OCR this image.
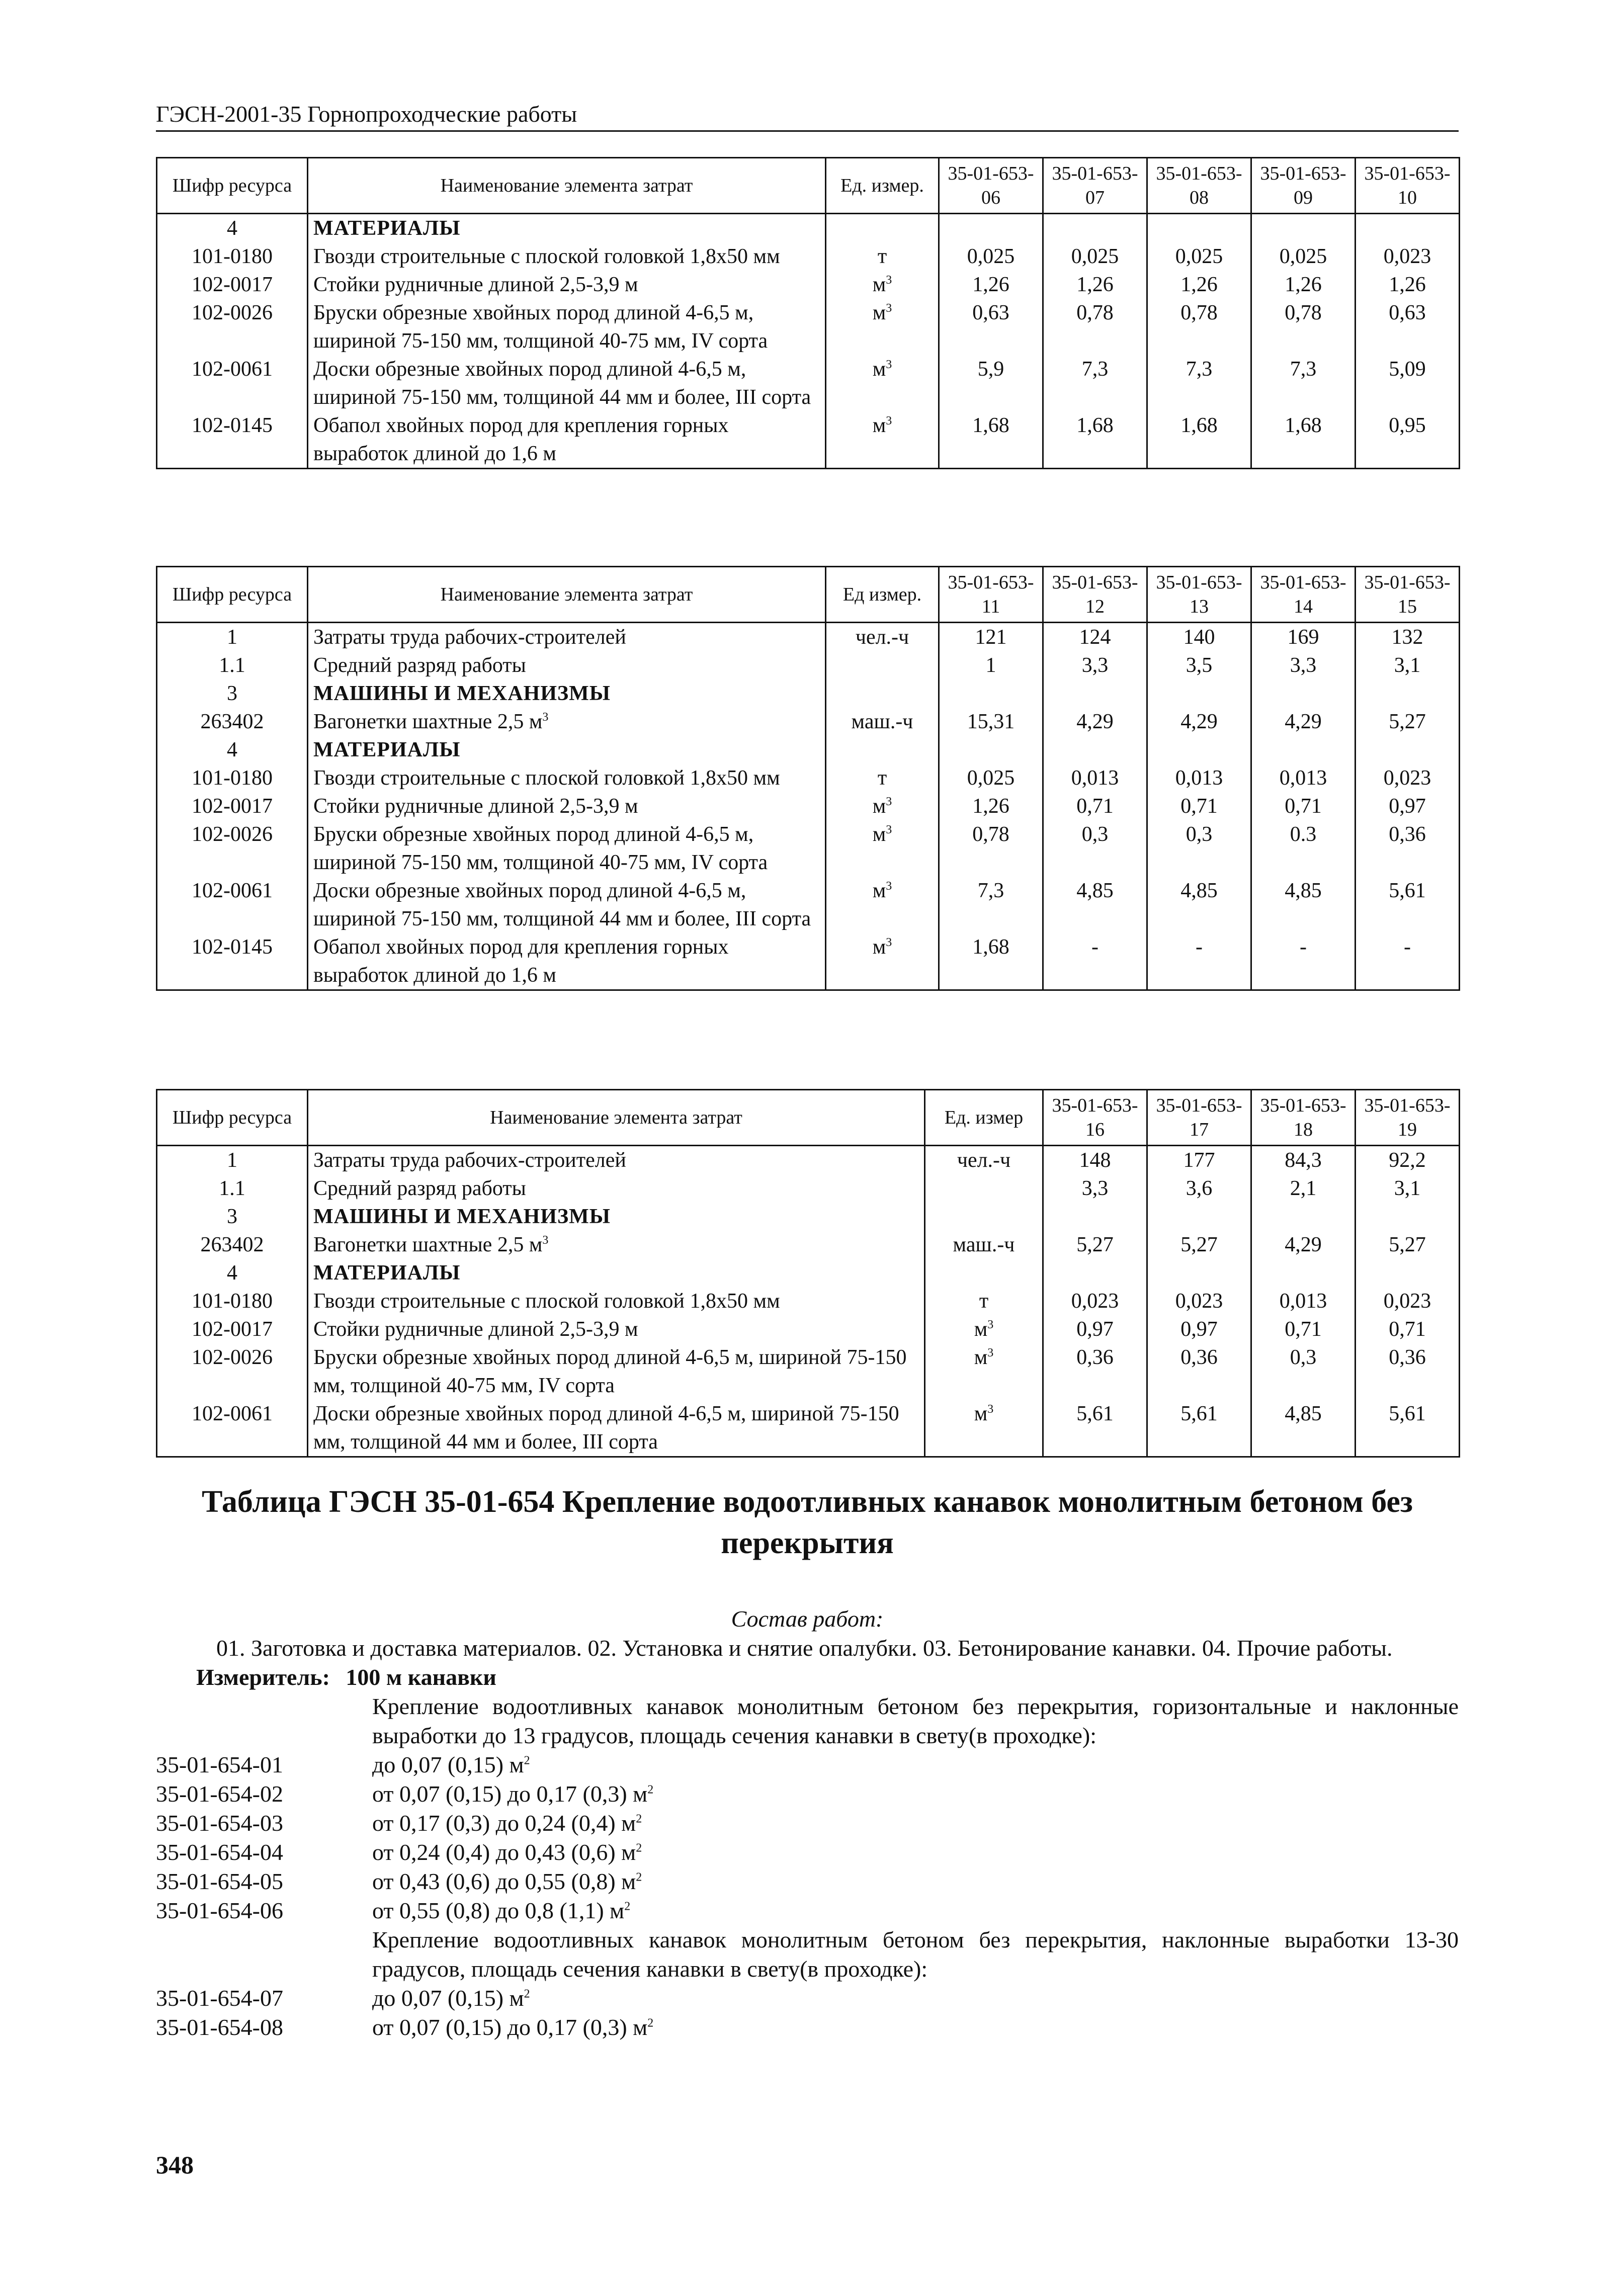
ГЭСН-2001-35 Горнопроходческие работы
Шифр ресурса	Наименование элемента затрат	Ед. измер.	35-01-653-06	35-01-653-07	35-01-653-08	35-01-653-09	35-01-653-10
4	МАТЕРИАЛЫ						
101-0180	Гвозди строительные с плоской головкой 1,8х50 мм	т	0,025	0,025	0,025	0,025	0,023
102-0017	Стойки рудничные длиной 2,5-3,9 м	$м^3$	1,26	1,26	1,26	1,26	1,26
102-0026	Бруски обрезные хвойных пород длиной 4-6,5 м, шириной 75-150 мм, толщиной 40-75 мм, IV сорта	$м^3$	0,63	0,78	0,78	0,78	0,63
102-0061	Доски обрезные хвойных пород длиной 4-6,5 м, шириной 75-150 мм, толщиной 44 мм и более, III сорта	$м^3$	5,9	7,3	7,3	7,3	5,09
102-0145	Обапол хвойных пород для крепления горных выработок длиной до 1,6 м	$м^3$	1,68	1,68	1,68	1,68	0,95
Шифр ресурса	Наименование элемента затрат	Ед измер.	35-01-653-11	35-01-653-12	35-01-653-13	35-01-653-14	35-01-653-15
1	Затраты труда рабочих-строителей	чел.-ч	121	124	140	169	132
1.1	Средний разряд работы		1	3,3	3,5	3,3	3,1
3	МАШИНЫ И МЕХАНИЗМЫ						
263402	Вагонетки шахтные 2,5 $м^3$	маш.-ч	15,31	4,29	4,29	4,29	5,27
4	МАТЕРИАЛЫ						
101-0180	Гвозди строительные с плоской головкой 1,8х50 мм	т	0,025	0,013	0,013	0,013	0,023
102-0017	Стойки рудничные длиной 2,5-3,9 м	$м^3$	1,26	0,71	0,71	0,71	0,97
102-0026	Бруски обрезные хвойных пород длиной 4-6,5 м, шириной 75-150 мм, толщиной 40-75 мм, IV сорта	$м^3$	0,78	0,3	0,3	0.3	0,36
102-0061	Доски обрезные хвойных пород длиной 4-6,5 м, шириной 75-150 мм, толщиной 44 мм и более, III сорта	$м^3$	7,3	4,85	4,85	4,85	5,61
102-0145	Обапол хвойных пород для крепления горных выработок длиной до 1,6 м	$м^3$	1,68	-	-	-	-
Шифр ресурса	Наименование элемента затрат	Ед. измер	35-01-653-16	35-01-653-17	35-01-653-18	35-01-653-19
1	Затраты труда рабочих-строителей	чел.-ч	148	177	84,3	92,2
1.1	Средний разряд работы		3,3	3,6	2,1	3,1
3	МАШИНЫ И МЕХАНИЗМЫ					
263402	Вагонетки шахтные 2,5 $м^3$	маш.-ч	5,27	5,27	4,29	5,27
4	МАТЕРИАЛЫ					
101-0180	Гвозди строительные с плоской головкой 1,8х50 мм	т	0,023	0,023	0,013	0,023
102-0017	Стойки рудничные длиной 2,5-3,9 м	$м^3$	0,97	0,97	0,71	0,71
102-0026	Бруски обрезные хвойных пород длиной 4-6,5 м, шириной 75-150 мм, толщиной 40-75 мм, IV сорта	$м^3$	0,36	0,36	0,3	0,36
102-0061	Доски обрезные хвойных пород длиной 4-6,5 м, шириной 75-150 мм, толщиной 44 мм и более, III сорта	$м^3$	5,61	5,61	4,85	5,61
Таблица ГЭСН 35-01-654 Крепление водоотливных канавок монолитным бетоном без перекрытия
Состав работ:
01. Заготовка и доставка материалов. 02. Установка и снятие опалубки. 03. Бетонирование канавки. 04. Прочие работы.
Измеритель: 100 м канавки
Крепление водоотливных канавок монолитным бетоном без перекрытия, горизонтальные и наклонные выработки до 13 градусов, площадь сечения канавки в свету(в проходке):
35-01-654-01	до 0,07 (0,15) $м^2$
35-01-654-02	от 0,07 (0,15) до 0,17 (0,3) $м^2$
35-01-654-03	от 0,17 (0,3) до 0,24 (0,4) $м^2$
35-01-654-04	от 0,24 (0,4) до 0,43 (0,6) $м^2$
35-01-654-05	от 0,43 (0,6) до 0,55 (0,8) $м^2$
35-01-654-06	от 0,55 (0,8) до 0,8 (1,1) $м^2$
Крепление водоотливных канавок монолитным бетоном без перекрытия, наклонные выработки 13-30 градусов, площадь сечения канавки в свету(в проходке):
35-01-654-07	до 0,07 (0,15) $м^2$
35-01-654-08	от 0,07 (0,15) до 0,17 (0,3) $м^2$
348
